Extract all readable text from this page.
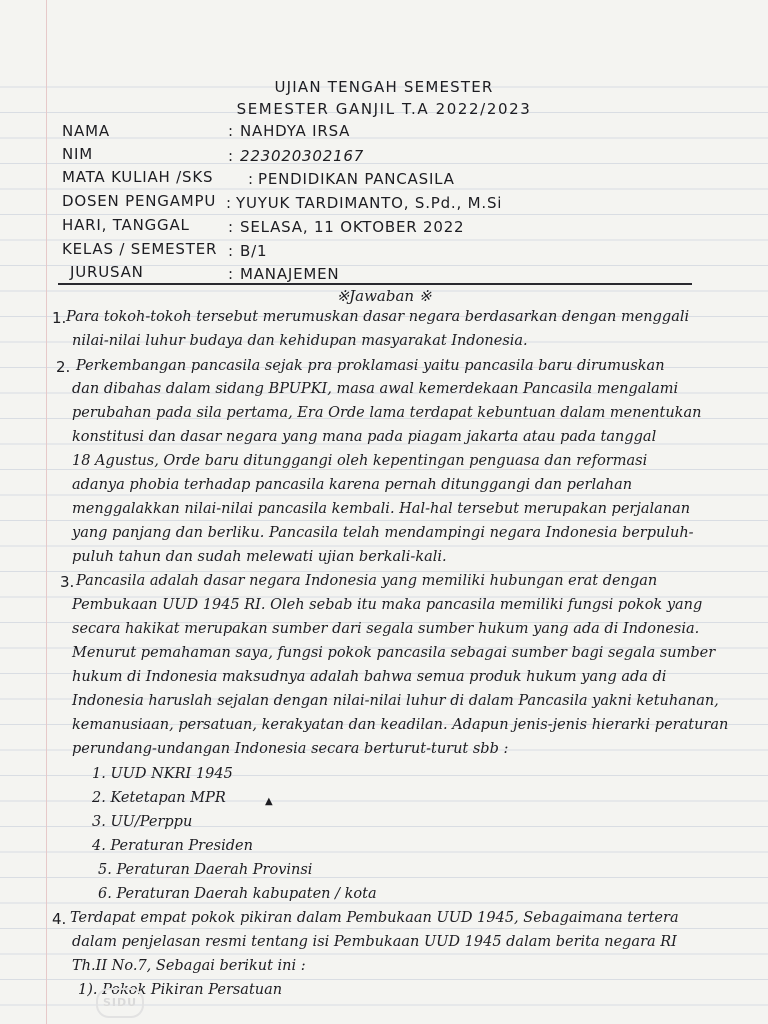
UJIAN TENGAH SEMESTER
SEMESTER GANJIL T.A 2022/2023
NAMA	: NAHDYA IRSA
NIM	: 223020302167
MATA KULIAH /SKS : PENDIDIKAN PANCASILA
DOSEN PENGAMPU : YUYUK TARDIMANTO, S.Pd., M.Si
HARI, TANGGAL	: SELASA, 11 OKTOBER 2022
KELAS / SEMESTER : B/1
JURUSAN	: MANAJEMEN
※Jawaban ※
1. Para tokoh-tokoh tersebut merumuskan dasar negara berdasarkan dengan menggali
nilai-nilai luhur budaya dan kehidupan masyarakat Indonesia.
2. Perkembangan pancasila sejak pra proklamasi yaitu pancasila baru dirumuskan
dan dibahas dalam sidang BPUPKI, masa awal kemerdekaan Pancasila mengalami
perubahan pada sila pertama, Era Orde lama terdapat kebuntuan dalam menentukan
konstitusi dan dasar negara yang mana pada piagam jakarta atau pada tanggal
18 Agustus, Orde baru ditunggangi oleh kepentingan penguasa dan reformasi
adanya phobia terhadap pancasila karena pernah ditunggangi dan perlahan
menggalakkan nilai-nilai pancasila kembali. Hal-hal tersebut merupakan perjalanan
yang panjang dan berliku. Pancasila telah mendampingi negara Indonesia berpuluh-
puluh tahun dan sudah melewati ujian berkali-kali.
3. Pancasila adalah dasar negara Indonesia yang memiliki hubungan erat dengan
Pembukaan UUD 1945 RI. Oleh sebab itu maka pancasila memiliki fungsi pokok yang
secara hakikat merupakan sumber dari segala sumber hukum yang ada di Indonesia.
Menurut pemahaman saya, fungsi pokok pancasila sebagai sumber bagi segala sumber
hukum di Indonesia maksudnya adalah bahwa semua produk hukum yang ada di
Indonesia haruslah sejalan dengan nilai-nilai luhur di dalam Pancasila yakni ketuhanan,
kemanusiaan, persatuan, kerakyatan dan keadilan. Adapun jenis-jenis hierarki peraturan
perundang-undangan Indonesia secara berturut-turut sbb :
1. UUD NKRI 1945
2. Ketetapan MPR
3. UU/Perppu
4. Peraturan Presiden
5. Peraturan Daerah Provinsi
6. Peraturan Daerah kabupaten / kota
▲
4. Terdapat empat pokok pikiran dalam Pembukaan UUD 1945, Sebagaimana tertera
dalam penjelasan resmi tentang isi Pembukaan UUD 1945 dalam berita negara RI
Th.II No.7, Sebagai berikut ini :
1). Pokok Pikiran Persatuan
SIDU
